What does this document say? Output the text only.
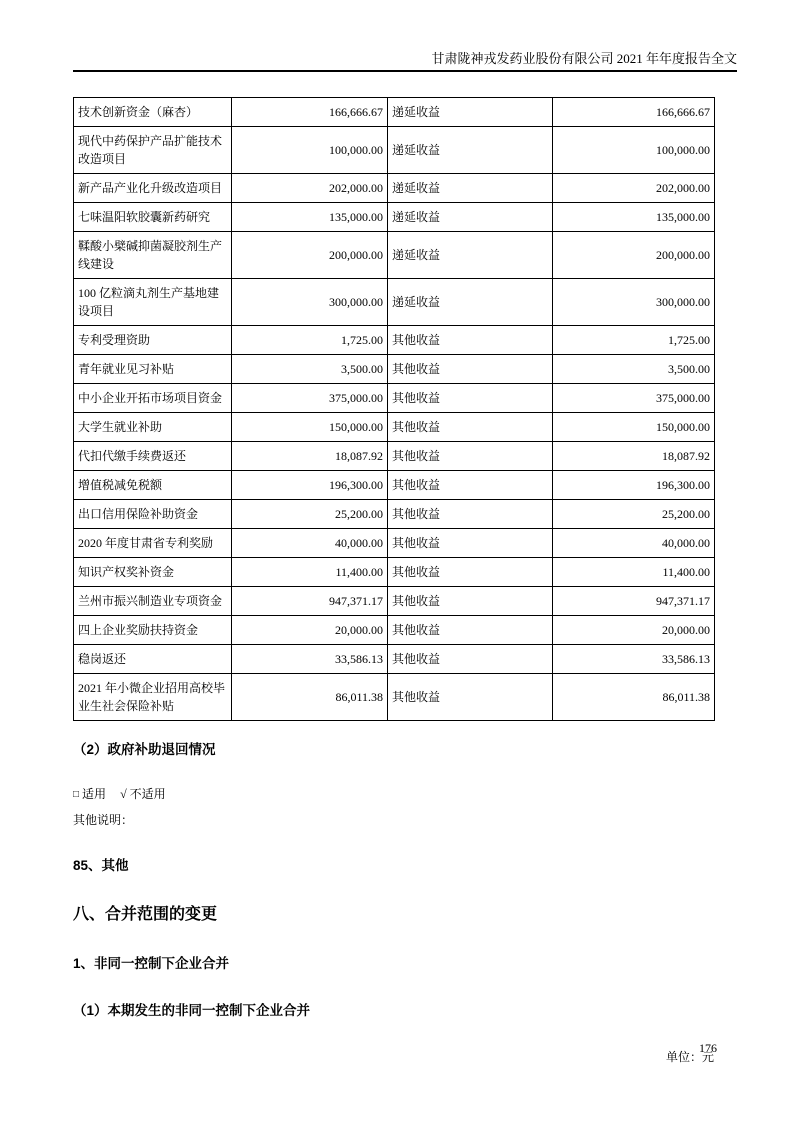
甘肃陇神戎发药业股份有限公司 2021 年年度报告全文
技术创新资金（麻杏）	166,666.67	递延收益	166,666.67
现代中药保护产品扩能技术改造项目	100,000.00	递延收益	100,000.00
新产品产业化升级改造项目	202,000.00	递延收益	202,000.00
七味温阳软胶囊新药研究	135,000.00	递延收益	135,000.00
鞣酸小檗碱抑菌凝胶剂生产线建设	200,000.00	递延收益	200,000.00
100 亿粒滴丸剂生产基地建设项目	300,000.00	递延收益	300,000.00
专利受理资助	1,725.00	其他收益	1,725.00
青年就业见习补贴	3,500.00	其他收益	3,500.00
中小企业开拓市场项目资金	375,000.00	其他收益	375,000.00
大学生就业补助	150,000.00	其他收益	150,000.00
代扣代缴手续费返还	18,087.92	其他收益	18,087.92
增值税减免税额	196,300.00	其他收益	196,300.00
出口信用保险补助资金	25,200.00	其他收益	25,200.00
2020 年度甘肃省专利奖励	40,000.00	其他收益	40,000.00
知识产权奖补资金	11,400.00	其他收益	11,400.00
兰州市振兴制造业专项资金	947,371.17	其他收益	947,371.17
四上企业奖励扶持资金	20,000.00	其他收益	20,000.00
稳岗返还	33,586.13	其他收益	33,586.13
2021 年小微企业招用高校毕业生社会保险补贴	86,011.38	其他收益	86,011.38

（2）政府补助退回情况

□ 适用 √ 不适用
其他说明：

85、其他

八、合并范围的变更

1、非同一控制下企业合并

（1）本期发生的非同一控制下企业合并

单位：元
176
